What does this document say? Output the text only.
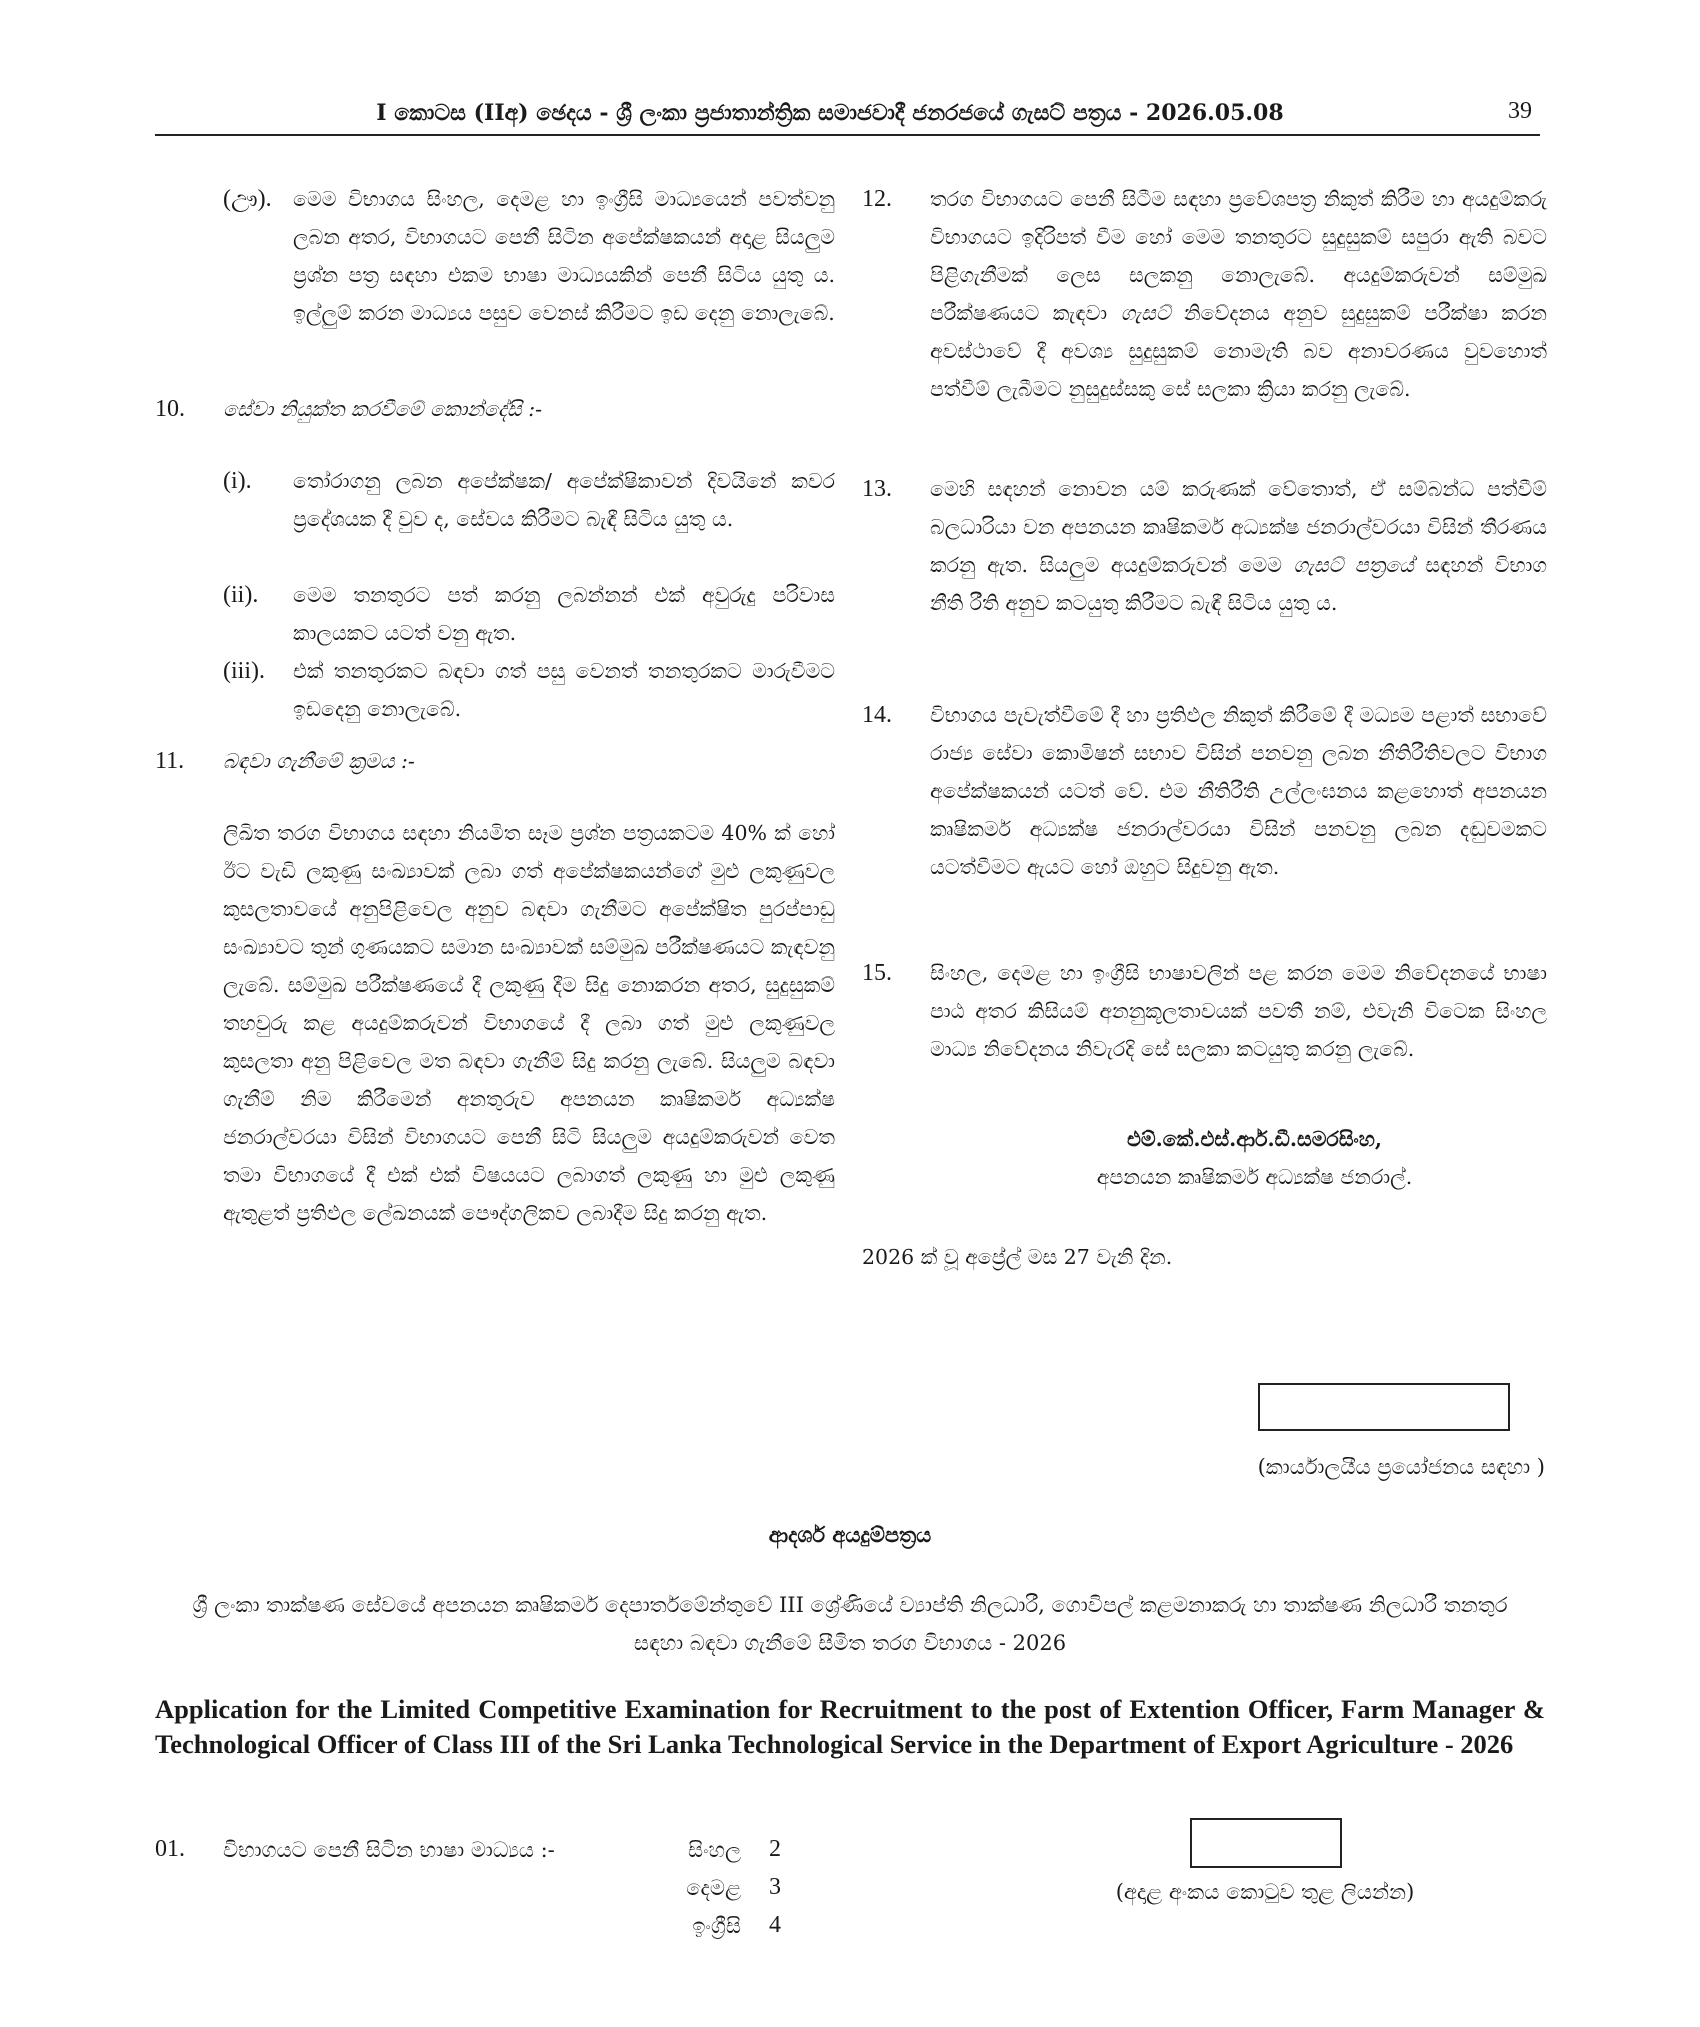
I කොටස (IIඅ) ඡෙදය - ශ්‍රී ලංකා ප්‍රජාතාන්ත්‍රික සමාජවාදී ජනරජයේ ගැසට් පත්‍රය - 2026.05.08	39
(ඌ). මෙම විභාගය සිංහල, දෙමළ හා ඉංග්‍රීසි මාධ්‍යයෙන් පවත්වනු ලබන අතර, විභාගයට පෙනී සිටින අපේක්ෂකයන් අදාළ සියලුම ප්‍රශ්න පත්‍ර සඳහා එකම භාෂා මාධ්‍යයකින් පෙනී සිටිය යුතු ය. ඉල්ලුම් කරන මාධ්‍යය පසුව වෙනස් කිරීමට ඉඩ දෙනු නොලැබේ.

10. සේවා නියුක්ත කරවීමේ කොන්දේසි :-

(i). තෝරාගනු ලබන අපේක්ෂක/ අපේක්ෂිකාවන් දිවයිනේ කවර ප්‍රදේශයක දී වුව ද, සේවය කිරීමට බැඳී සිටිය යුතු ය.

(ii). මෙම තනතුරට පත් කරනු ලබන්නන් එක් අවුරුදු පරිවාස කාලයකට යටත් වනු ඇත.

(iii). එක් තනතුරකට බඳවා ගත් පසු වෙනත් තනතුරකට මාරුවීමට ඉඩදෙනු නොලැබේ.

11. බඳවා ගැනීමේ ක්‍රමය :-

ලිඛිත තරග විභාගය සඳහා නියමිත සෑම ප්‍රශ්න පත්‍රයකටම 40% ක් හෝ ඊට වැඩි ලකුණු සංඛ්‍යාවක් ලබා ගත් අපේක්ෂකයන්ගේ මුළු ලකුණුවල කුසලතාවයේ අනුපිළිවෙල අනුව බඳවා ගැනීමට අපේක්ෂිත පුරප්පාඩු සංඛ්‍යාවට තුන් ගුණයකට සමාන සංඛ්‍යාවක් සම්මුඛ පරීක්ෂණයට කැඳවනු ලැබේ. සම්මුඛ පරීක්ෂණයේ දී ලකුණු දීම සිදු නොකරන අතර, සුදුසුකම් තහවුරු කළ අයදුම්කරුවන් විභාගයේ දී ලබා ගත් මුළු ලකුණුවල කුසලතා අනු පිළිවෙල මත බඳවා ගැනීම් සිදු කරනු ලැබේ. සියලුම බඳවා ගැනීම් නිම කිරීමෙන් අනතුරුව අපනයන කෘෂිකර්ම අධ්‍යක්ෂ ජනරාල්වරයා විසින් විභාගයට පෙනී සිටි සියලුම අයදුම්කරුවන් වෙත තමා විභාගයේ දී එක් එක් විෂයයට ලබාගත් ලකුණු හා මුළු ලකුණු ඇතුළත් ප්‍රතිඵල ලේඛනයක් පෞද්ගලිකව ලබාදීම සිදු කරනු ඇත.

12. තරග විභාගයට පෙනී සිටීම සඳහා ප්‍රවේශපත්‍ර නිකුත් කිරීම හා අයදුම්කරු විභාගයට ඉදිරිපත් වීම හෝ මෙම තනතුරට සුදුසුකම් සපුරා ඇති බවට පිළිගැනීමක් ලෙස සලකනු නොලැබේ. අයදුම්කරුවන් සම්මුඛ පරීක්ෂණයට කැඳවා ගැසට් නිවේදනය අනුව සුදුසුකම් පරීක්ෂා කරන අවස්ථාවේ දී අවශ්‍ය සුදුසුකම් නොමැති බව අනාවරණය වුවහොත් පත්වීම් ලැබීමට නුසුදුස්සකු සේ සලකා ක්‍රියා කරනු ලැබේ.

13. මෙහි සඳහන් නොවන යම් කරුණක් වේතොත්, ඒ සම්බන්ධ පත්වීම් බලධාරියා වන අපනයන කෘෂිකර්ම අධ්‍යක්ෂ ජනරාල්වරයා විසින් තීරණය කරනු ඇත. සියලුම අයදුම්කරුවන් මෙම ගැසට් පත්‍රයේ සඳහන් විභාග නීති රීති අනුව කටයුතු කිරීමට බැඳී සිටිය යුතු ය.

14. විභාගය පැවැත්වීමේ දී හා ප්‍රතිඵල නිකුත් කිරීමේ දී මධ්‍යම පළාත් සභාවේ රාජ්‍ය සේවා කොමිෂන් සභාව විසින් පනවනු ලබන නීතිරීතිවලට විභාග අපේක්ෂකයන් යටත් වේ. එම නීතිරීති උල්ලංඝනය කළහොත් අපනයන කෘෂිකර්ම අධ්‍යක්ෂ ජනරාල්වරයා විසින් පනවනු ලබන දඬුවමකට යටත්වීමට ඇයට හෝ ඔහුට සිදුවනු ඇත.

15. සිංහල, දෙමළ හා ඉංග්‍රීසි භාෂාවලින් පළ කරන මෙම නිවේදනයේ භාෂා පාඨ අතර කිසියම් අනනුකූලතාවයක් පවතී නම්, එවැනි විටෙක සිංහල මාධ්‍ය නිවේදනය නිවැරදි සේ සලකා කටයුතු කරනු ලැබේ.

එම්.කේ.එස්.ආර්.ඩී.සමරසිංහ,

අපනයන කෘෂිකර්ම අධ්‍යක්ෂ ජනරාල්.

2026 ක් වූ අප්‍රේල් මස 27 වැනි දින.

(කාර්යාලයීය ප්‍රයෝජනය සඳහා )

ආදර්ශ අයදුම්පත්‍රය

ශ්‍රී ලංකා තාක්ෂණ සේවයේ අපනයන කෘෂිකර්ම දෙපාර්තමේන්තුවේ III ශ්‍රේණියේ ව්‍යාප්ති නිලධාරී, ගොවිපල් කළමනාකරු හා තාක්ෂණ නිලධාරී තනතුර සඳහා බඳවා ගැනීමේ සීමිත තරග විභාගය - 2026

Application for the Limited Competitive Examination for Recruitment to the post of Extention Officer, Farm Manager & Technological Officer of Class III of the Sri Lanka Technological Service in the Department of Export Agriculture - 2026

01. විභාගයට පෙනී සිටින භාෂා මාධ්‍යය :-	සිංහල 2
දෙමළ 3
ඉංග්‍රීසි 4

(අදාළ අංකය කොටුව තුළ ලියන්න)
